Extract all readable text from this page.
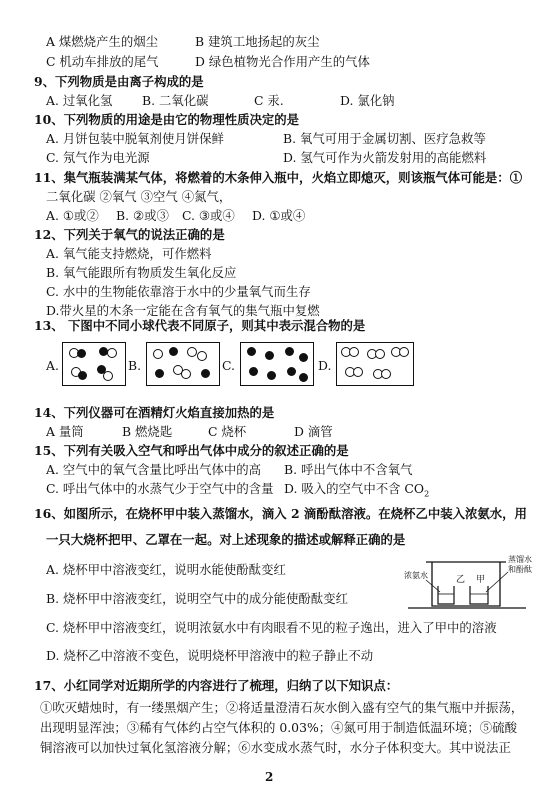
A 煤燃烧产生的烟尘	B 建筑工地扬起的灰尘
C 机动车排放的尾气	D 绿色植物光合作用产生的气体
9、下列物质是由离子构成的是
A. 过氧化氢 B. 二氧化碳	C 汞.	D. 氯化钠
10、下列物质的用途是由它的物理性质决定的是
A. 月饼包装中脱氧剂使月饼保鲜	B. 氧气可用于金属切割、医疗急救等
C. 氖气作为电光源	D. 氢气可作为火箭发射用的高能燃料
11、集气瓶装满某气体，将燃着的木条伸入瓶中，火焰立即熄灭，则该瓶气体可能是：①
二氧化碳 ②氧气 ③空气 ④氮气，
A. ①或② B. ②或③ C. ③或④ D. ①或④
12、下列关于氧气的说法正确的是
A. 氧气能支持燃烧，可作燃料
B. 氧气能跟所有物质发生氧化反应
C. 水中的生物能依靠溶于水中的少量氧气而生存
D.带火星的木条一定能在含有氧气的集气瓶中复燃
13、 下图中不同小球代表不同原子，则其中表示混合物的是
A.	B.	C.	D.
14、下列仪器可在酒精灯火焰直接加热的是
A 量筒	B 燃烧匙	C 烧杯	D 滴管
15、下列有关吸入空气和呼出气体中成分的叙述正确的是
A. 空气中的氧气含量比呼出气体中的高 B. 呼出气体中不含氧气
C. 呼出气体中的水蒸气少于空气中的含量 D. 吸入的空气中不含 $CO_2$
16、如图所示，在烧杯甲中装入蒸馏水，滴入 2 滴酚酞溶液。在烧杯乙中装入浓氨水，用
一只大烧杯把甲、乙罩在一起。对上述现象的描述或解释正确的是
A. 烧杯甲中溶液变红，说明水能使酚酞变红
B. 烧杯甲中溶液变红，说明空气中的成分能使酚酞变红
C. 烧杯甲中溶液变红，说明浓氨水中有肉眼看不见的粒子逸出，进入了甲中的溶液
D. 烧杯乙中溶液不变色，说明烧杯甲溶液中的粒子静止不动
浓氨水	乙 甲
蒸馏水
和酚酞
17、小红同学对近期所学的内容进行了梳理，归纳了以下知识点：
①吹灭蜡烛时，有一缕黑烟产生；②将适量澄清石灰水倒入盛有空气的集气瓶中并振荡，
出现明显浑浊；③稀有气体约占空气体积的 0.03%；④氮可用于制造低温环境；⑤硫酸
铜溶液可以加快过氧化氢溶液分解；⑥水变成水蒸气时，水分子体积变大。其中说法正
2
